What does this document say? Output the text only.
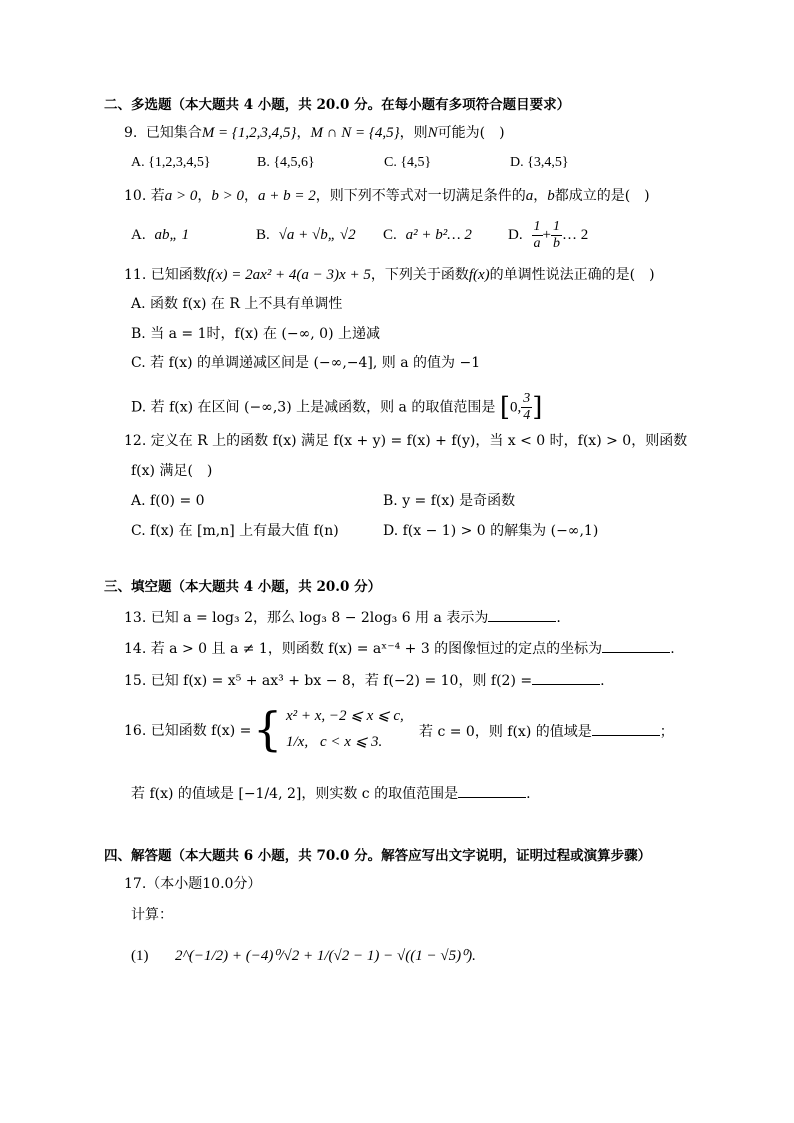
二、多选题（本大题共 4 小题，共 20.0 分。在每小题有多项符合题目要求）
9. 已知集合M = {1,2,3,4,5}，M ∩ N = {4,5}，则N可能为(　)
A. {1,2,3,4,5}	B. {4,5,6}	C. {4,5}	D. {3,4,5}
10. 若a > 0，b > 0，a + b = 2，则下列不等式对一切满足条件的a，b都成立的是(　)
A. ab„ 1	B. √a + √b„ √2 C. a² + b²… 2 D. $\frac{1}{a} + \frac{1}{b}$ … 2
11. 已知函数f(x) = 2ax² + 4(a − 3)x + 5，下列关于函数f(x)的单调性说法正确的是(　)
A. 函数 f(x) 在 R 上不具有单调性
B. 当 a = 1时，f(x) 在 (−∞, 0) 上递减
C. 若 f(x) 的单调递减区间是 (−∞,−4], 则 a 的值为 −1
D. 若 f(x) 在区间 (−∞,3) 上是减函数，则 a 的取值范围是 [0, $\frac{3}{4}$ ]
12. 定义在 R 上的函数 f(x) 满足 f(x + y) = f(x) + f(y)，当 x < 0 时，f(x) > 0，则函数
f(x) 满足(　)
A. f(0) = 0	B. y = f(x) 是奇函数
C. f(x) 在 [m,n] 上有最大值 f(n)	D. f(x − 1) > 0 的解集为 (−∞,1)
三、填空题（本大题共 4 小题，共 20.0 分）
13. 已知 a = log₃ 2，那么 log₃ 8 − 2log₃ 6 用 a 表示为	.
14. 若 a > 0 且 a ≠ 1，则函数 f(x) = aˣ⁻⁴ + 3 的图像恒过的定点的坐标为	.
15. 已知 f(x) = x⁵ + ax³ + bx − 8，若 f(−2) = 10，则 f(2) =	.
16. 已知函数 f(x) = { x² + x, −2 ⩽ x ⩽ c,
1/x, c < x ⩽ 3.
若 c = 0，则 f(x) 的值域是	；
若 f(x) 的值域是 [−1/4, 2]，则实数 c 的取值范围是	.
四、解答题（本大题共 6 小题，共 70.0 分。解答应写出文字说明，证明过程或演算步骤）
17.（本小题10.0分）
计算：
(1) 2^(−1/2) + (−4)⁰/√2 + 1/(√2 − 1) − √((1 − √5)⁰).
